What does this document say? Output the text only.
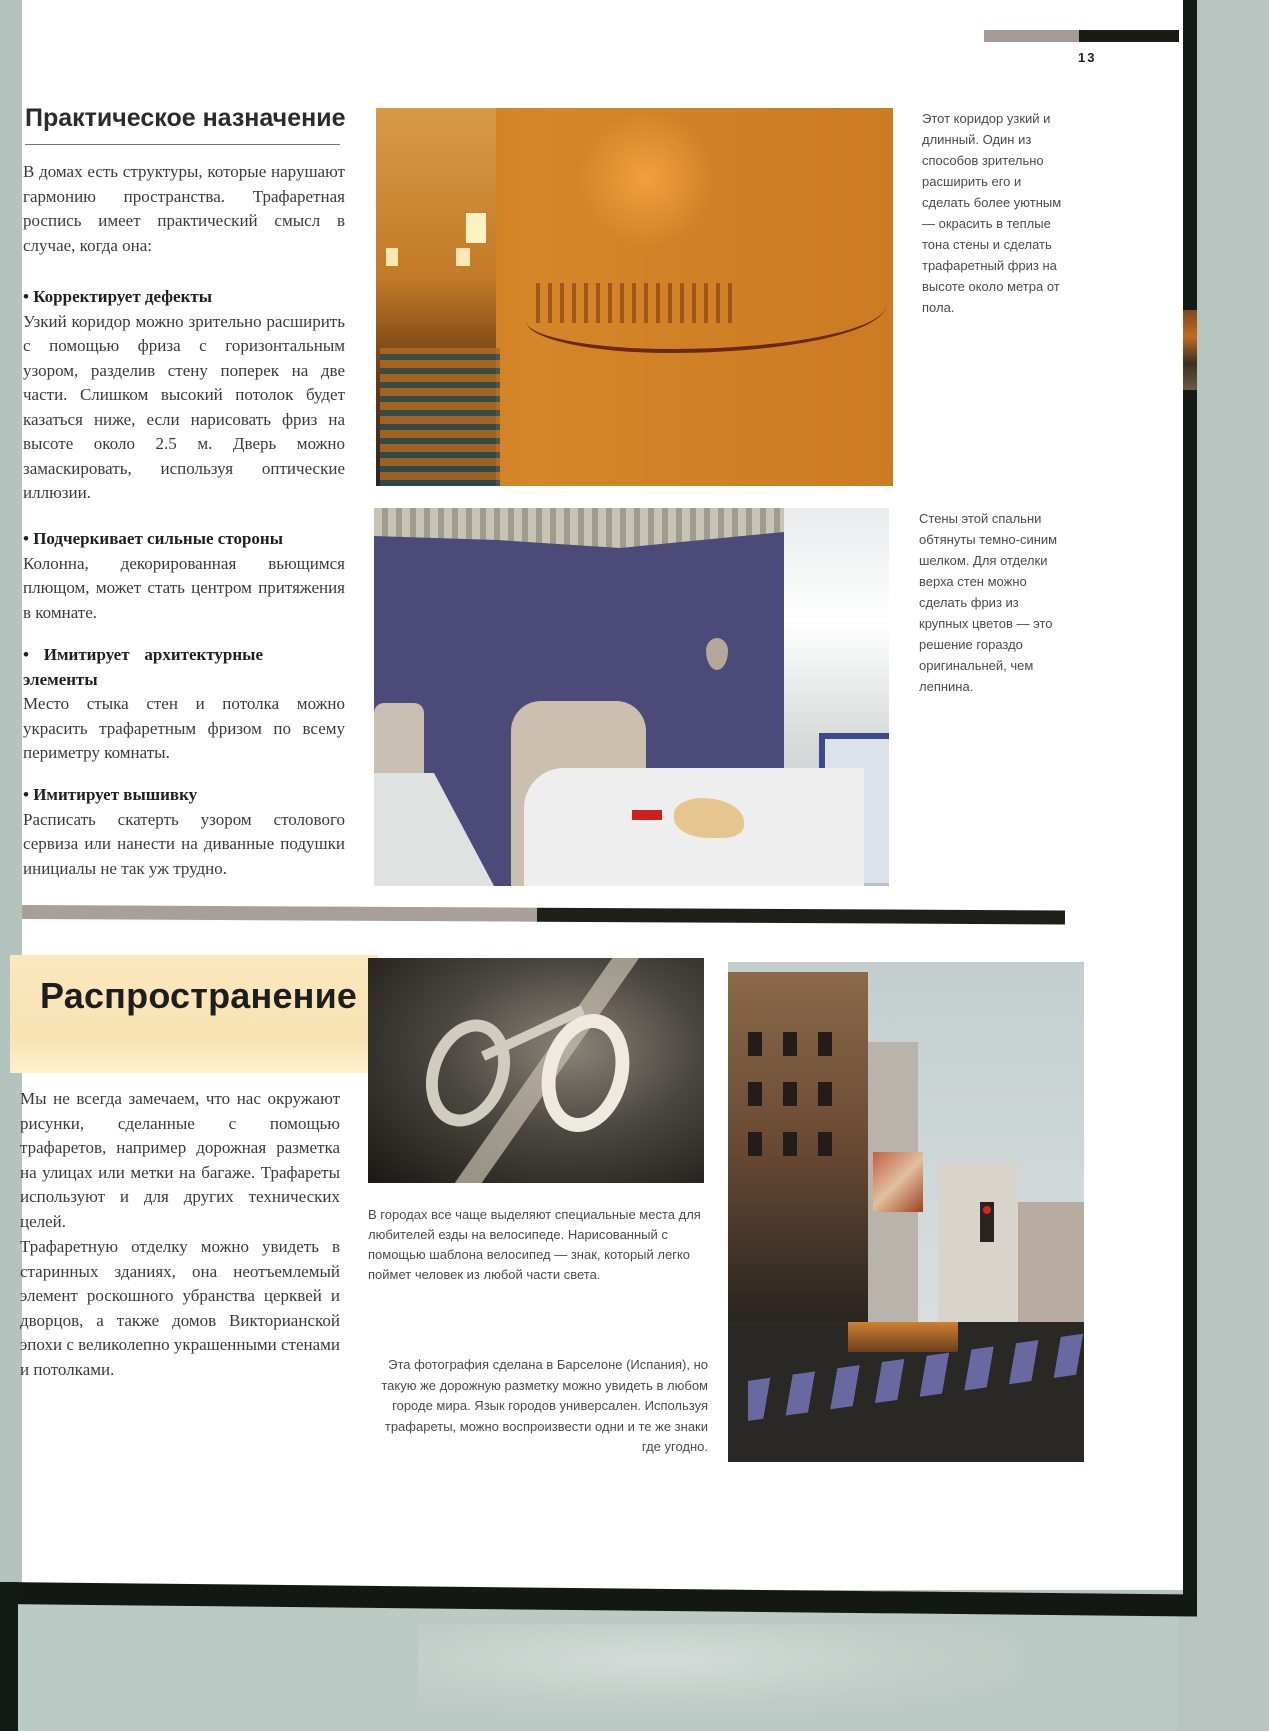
13
Практическое назначение

В домах есть структуры, которые нарушают гармонию пространства. Трафаретная роспись имеет практический смысл в случае, когда она:

• Корректирует дефекты

Узкий коридор можно зрительно расширить с помощью фриза с горизонтальным узором, разделив стену поперек на две части. Слишком высокий потолок будет казаться ниже, если нарисовать фриз на высоте около 2.5 м. Дверь можно замаскировать, используя оптические иллюзии.

• Подчеркивает сильные стороны

Колонна, декорированная вьющимся плющом, может стать центром притяжения в комнате.

• Имитирует архитектурные элементы

Место стыка стен и потолка можно украсить трафаретным фризом по всему периметру комнаты.

• Имитирует вышивку

Расписать скатерть узором столового сервиза или нанести на диванные подушки инициалы не так уж трудно.

Этот коридор узкий и длинный. Один из способов зрительно расширить его и сделать более уютным — окрасить в теплые тона стены и сделать трафаретный фриз на высоте около метра от пола.
Стены этой спальни обтянуты темно-синим шелком. Для отделки верха стен можно сделать фриз из крупных цветов — это решение гораздо оригинальней, чем лепнина.
Распространение

Мы не всегда замечаем, что нас окружают рисунки, сделанные с помощью трафаретов, например дорожная разметка на улицах или метки на багаже. Трафареты используют и для других технических целей.

Трафаретную отделку можно увидеть в старинных зданиях, она неотъемлемый элемент роскошного убранства церквей и дворцов, а также домов Викторианской эпохи с великолепно украшенными стенами и потолками.

В городах все чаще выделяют специальные места для любителей езды на велосипеде. Нарисованный с помощью шаблона велосипед — знак, который легко поймет человек из любой части света.
Эта фотография сделана в Барселоне (Испания), но такую же дорожную разметку можно увидеть в любом городе мира. Язык городов универсален. Используя трафареты, можно воспроизвести одни и те же знаки где угодно.
